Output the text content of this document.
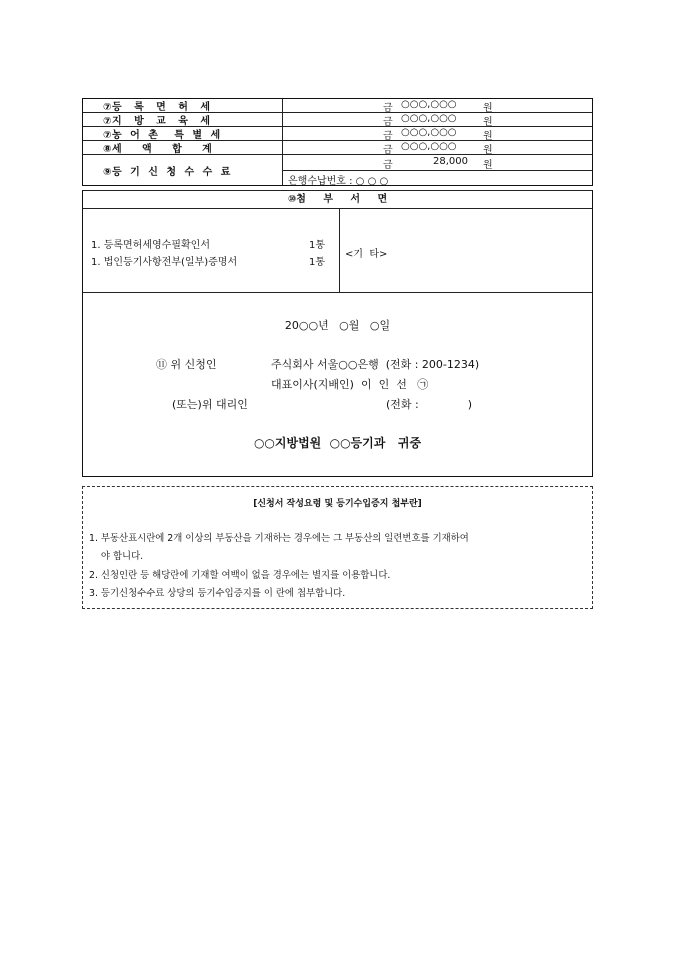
⑦등   록   면   허   세	금 ○○○,○○○	원
⑦지   방   교   육   세	금 ○○○,○○○	원
⑦농  어  촌    특  별  세	금 ○○○,○○○	원
⑧세     액     합     계	금 ○○○,○○○	원
⑨등  기  신  청  수  수  료
금	28,000 원
은행수납번호 : ○ ○ ○
⑩첨     부     서     면
1. 등록면허세영수필확인서	1통
1. 법인등기사항전부(일부)증명서	1통
<기  타>
20○○년   ○월   ○일
⑪ 위 신청인	주식회사 서울○○은행  (전화 : 200-1234)
대표이사(지배인)  이  인  선   ㉠
(또는)위 대리인	(전화 :              )
○○지방법원  ○○등기과   귀중
[신청서 작성요령 및 등기수입증지 첩부란]
1. 부동산표시란에 2개 이상의 부동산을 기재하는 경우에는 그 부동산의 일련번호를 기재하여
야 합니다.
2. 신청인란 등 해당란에 기재할 여백이 없을 경우에는 별지를 이용합니다.
3. 등기신청수수료 상당의 등기수입증지를 이 란에 첩부합니다.
